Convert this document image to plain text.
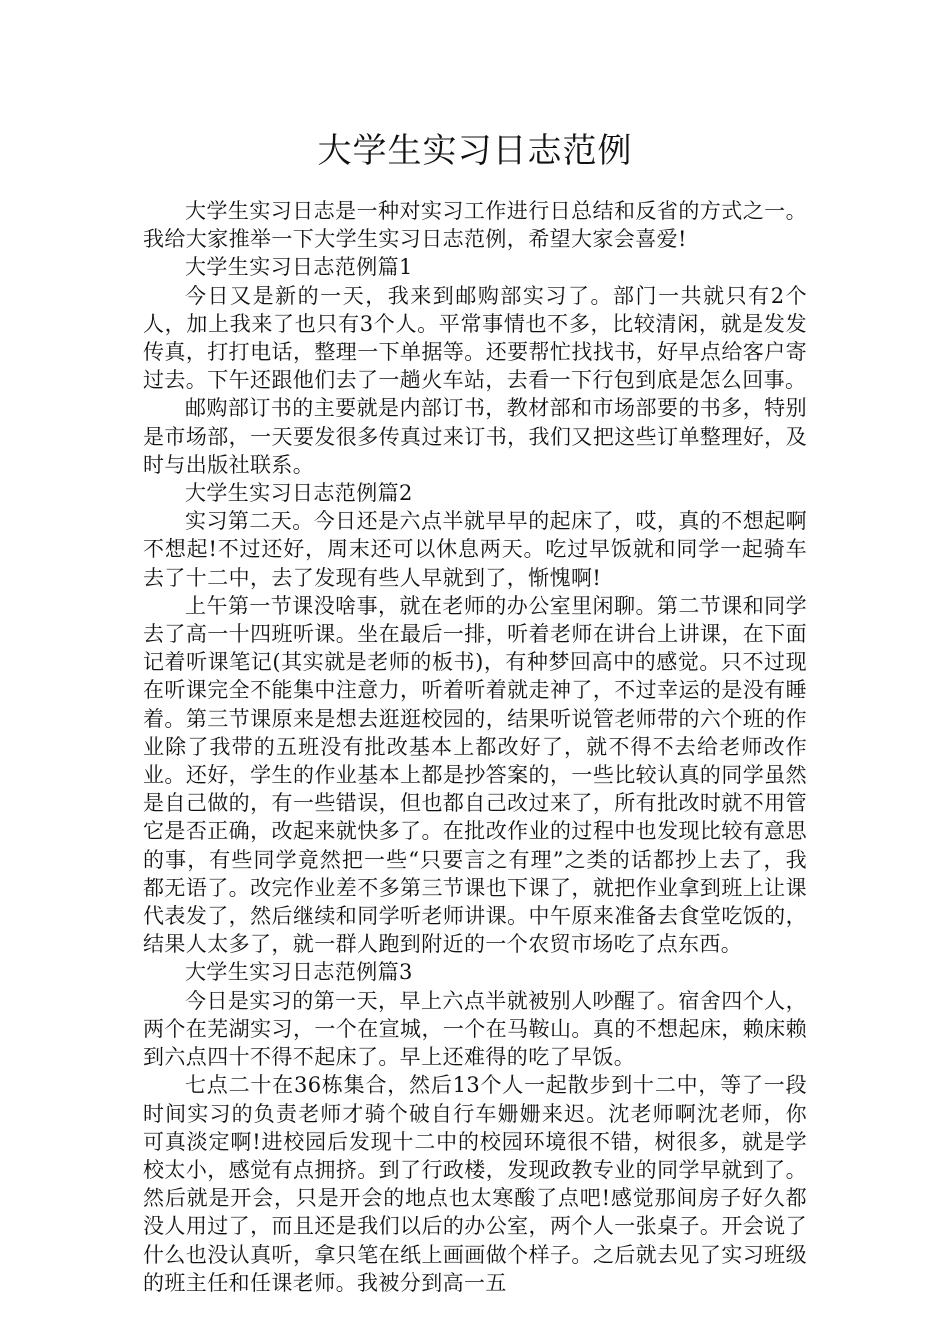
大学生实习日志范例

大学生实习日志是一种对实习工作进行日总结和反省的方式之一。我给大家推举一下大学生实习日志范例，希望大家会喜爱!

大学生实习日志范例篇1

今日又是新的一天，我来到邮购部实习了。部门一共就只有2个人，加上我来了也只有3个人。平常事情也不多，比较清闲，就是发发传真，打打电话，整理一下单据等。还要帮忙找找书，好早点给客户寄过去。下午还跟他们去了一趟火车站，去看一下行包到底是怎么回事。

邮购部订书的主要就是内部订书，教材部和市场部要的书多，特别是市场部，一天要发很多传真过来订书，我们又把这些订单整理好，及时与出版社联系。

大学生实习日志范例篇2

实习第二天。今日还是六点半就早早的起床了，哎，真的不想起啊不想起!不过还好，周末还可以休息两天。吃过早饭就和同学一起骑车去了十二中，去了发现有些人早就到了，惭愧啊!

上午第一节课没啥事，就在老师的办公室里闲聊。第二节课和同学去了高一十四班听课。坐在最后一排，听着老师在讲台上讲课，在下面记着听课笔记(其实就是老师的板书)，有种梦回高中的感觉。只不过现在听课完全不能集中注意力，听着听着就走神了，不过幸运的是没有睡着。第三节课原来是想去逛逛校园的，结果听说管老师带的六个班的作业除了我带的五班没有批改基本上都改好了，就不得不去给老师改作业。还好，学生的作业基本上都是抄答案的，一些比较认真的同学虽然是自己做的，有一些错误，但也都自己改过来了，所有批改时就不用管它是否正确，改起来就快多了。在批改作业的过程中也发现比较有意思的事，有些同学竟然把一些“只要言之有理”之类的话都抄上去了，我都无语了。改完作业差不多第三节课也下课了，就把作业拿到班上让课代表发了，然后继续和同学听老师讲课。中午原来准备去食堂吃饭的，结果人太多了，就一群人跑到附近的一个农贸市场吃了点东西。

大学生实习日志范例篇3

今日是实习的第一天，早上六点半就被别人吵醒了。宿舍四个人，两个在芜湖实习，一个在宣城，一个在马鞍山。真的不想起床，赖床赖到六点四十不得不起床了。早上还难得的吃了早饭。

七点二十在36栋集合，然后13个人一起散步到十二中，等了一段时间实习的负责老师才骑个破自行车姗姗来迟。沈老师啊沈老师，你 可真淡定啊!进校园后发现十二中的校园环境很不错，树很多，就是学校太小，感觉有点拥挤。到了行政楼，发现政教专业的同学早就到了。然后就是开会，只是开会的地点也太寒酸了点吧!感觉那间房子好久都没人用过了，而且还是我们以后的办公室，两个人一张桌子。开会说了什么也没认真听，拿只笔在纸上画画做个样子。之后就去见了实习班级的班主任和任课老师。我被分到高一五
